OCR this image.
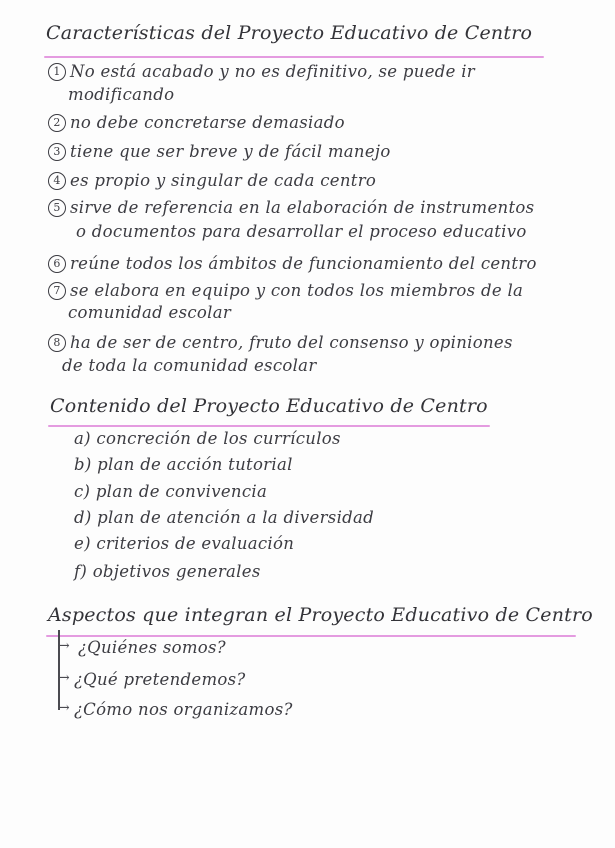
Características del Proyecto Educativo de Centro
1 No está acabado y no es definitivo, se puede ir
modificando
2 no debe concretarse demasiado
3 tiene que ser breve y de fácil manejo
4 es propio y singular de cada centro
5 sirve de referencia en la elaboración de instrumentos
o documentos para desarrollar el proceso educativo
6 reúne todos los ámbitos de funcionamiento del centro
7 se elabora en equipo y con todos los miembros de la
comunidad escolar
8 ha de ser de centro, fruto del consenso y opiniones
de toda la comunidad escolar
Contenido del Proyecto Educativo de Centro
a) concreción de los currículos
b) plan de acción tutorial
c) plan de convivencia
d) plan de atención a la diversidad
e) criterios de evaluación
f) objetivos generales
Aspectos que integran el Proyecto Educativo de Centro
→
→
→
¿Quiénes somos?
¿Qué pretendemos?
¿Cómo nos organizamos?
